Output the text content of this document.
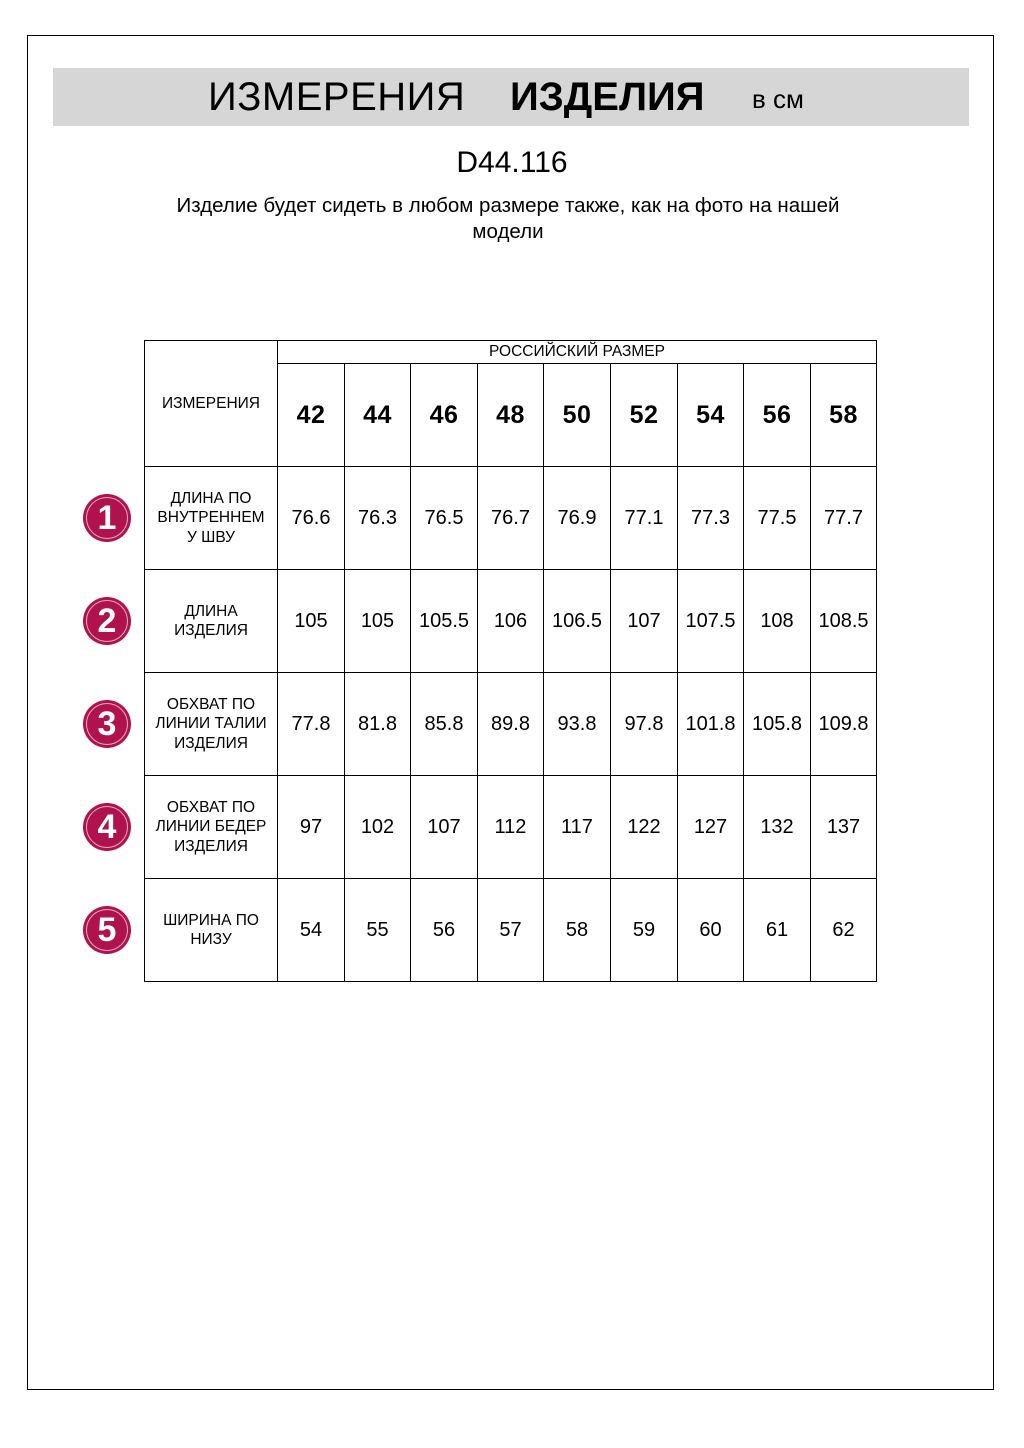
ИЗМЕРЕНИЯ ИЗДЕЛИЯ в см
D44.116
Изделие будет сидеть в любом размере также, как на фото на нашей модели
ИЗМЕРЕНИЯ	РОССИЙСКИЙ РАЗМЕР								
	42	44	46	48	50	52	54	56	58
ДЛИНА ПО
ВНУТРЕННЕМ
У ШВУ	76.6	76.3	76.5	76.7	76.9	77.1	77.3	77.5	77.7
ДЛИНА
ИЗДЕЛИЯ	105	105	105.5	106	106.5	107	107.5	108	108.5
ОБХВАТ ПО
ЛИНИИ ТАЛИИ
ИЗДЕЛИЯ	77.8	81.8	85.8	89.8	93.8	97.8	101.8	105.8	109.8
ОБХВАТ ПО
ЛИНИИ БЕДЕР
ИЗДЕЛИЯ	97	102	107	112	117	122	127	132	137
ШИРИНА ПО
НИЗУ	54	55	56	57	58	59	60	61	62
1
2
3
4
5
